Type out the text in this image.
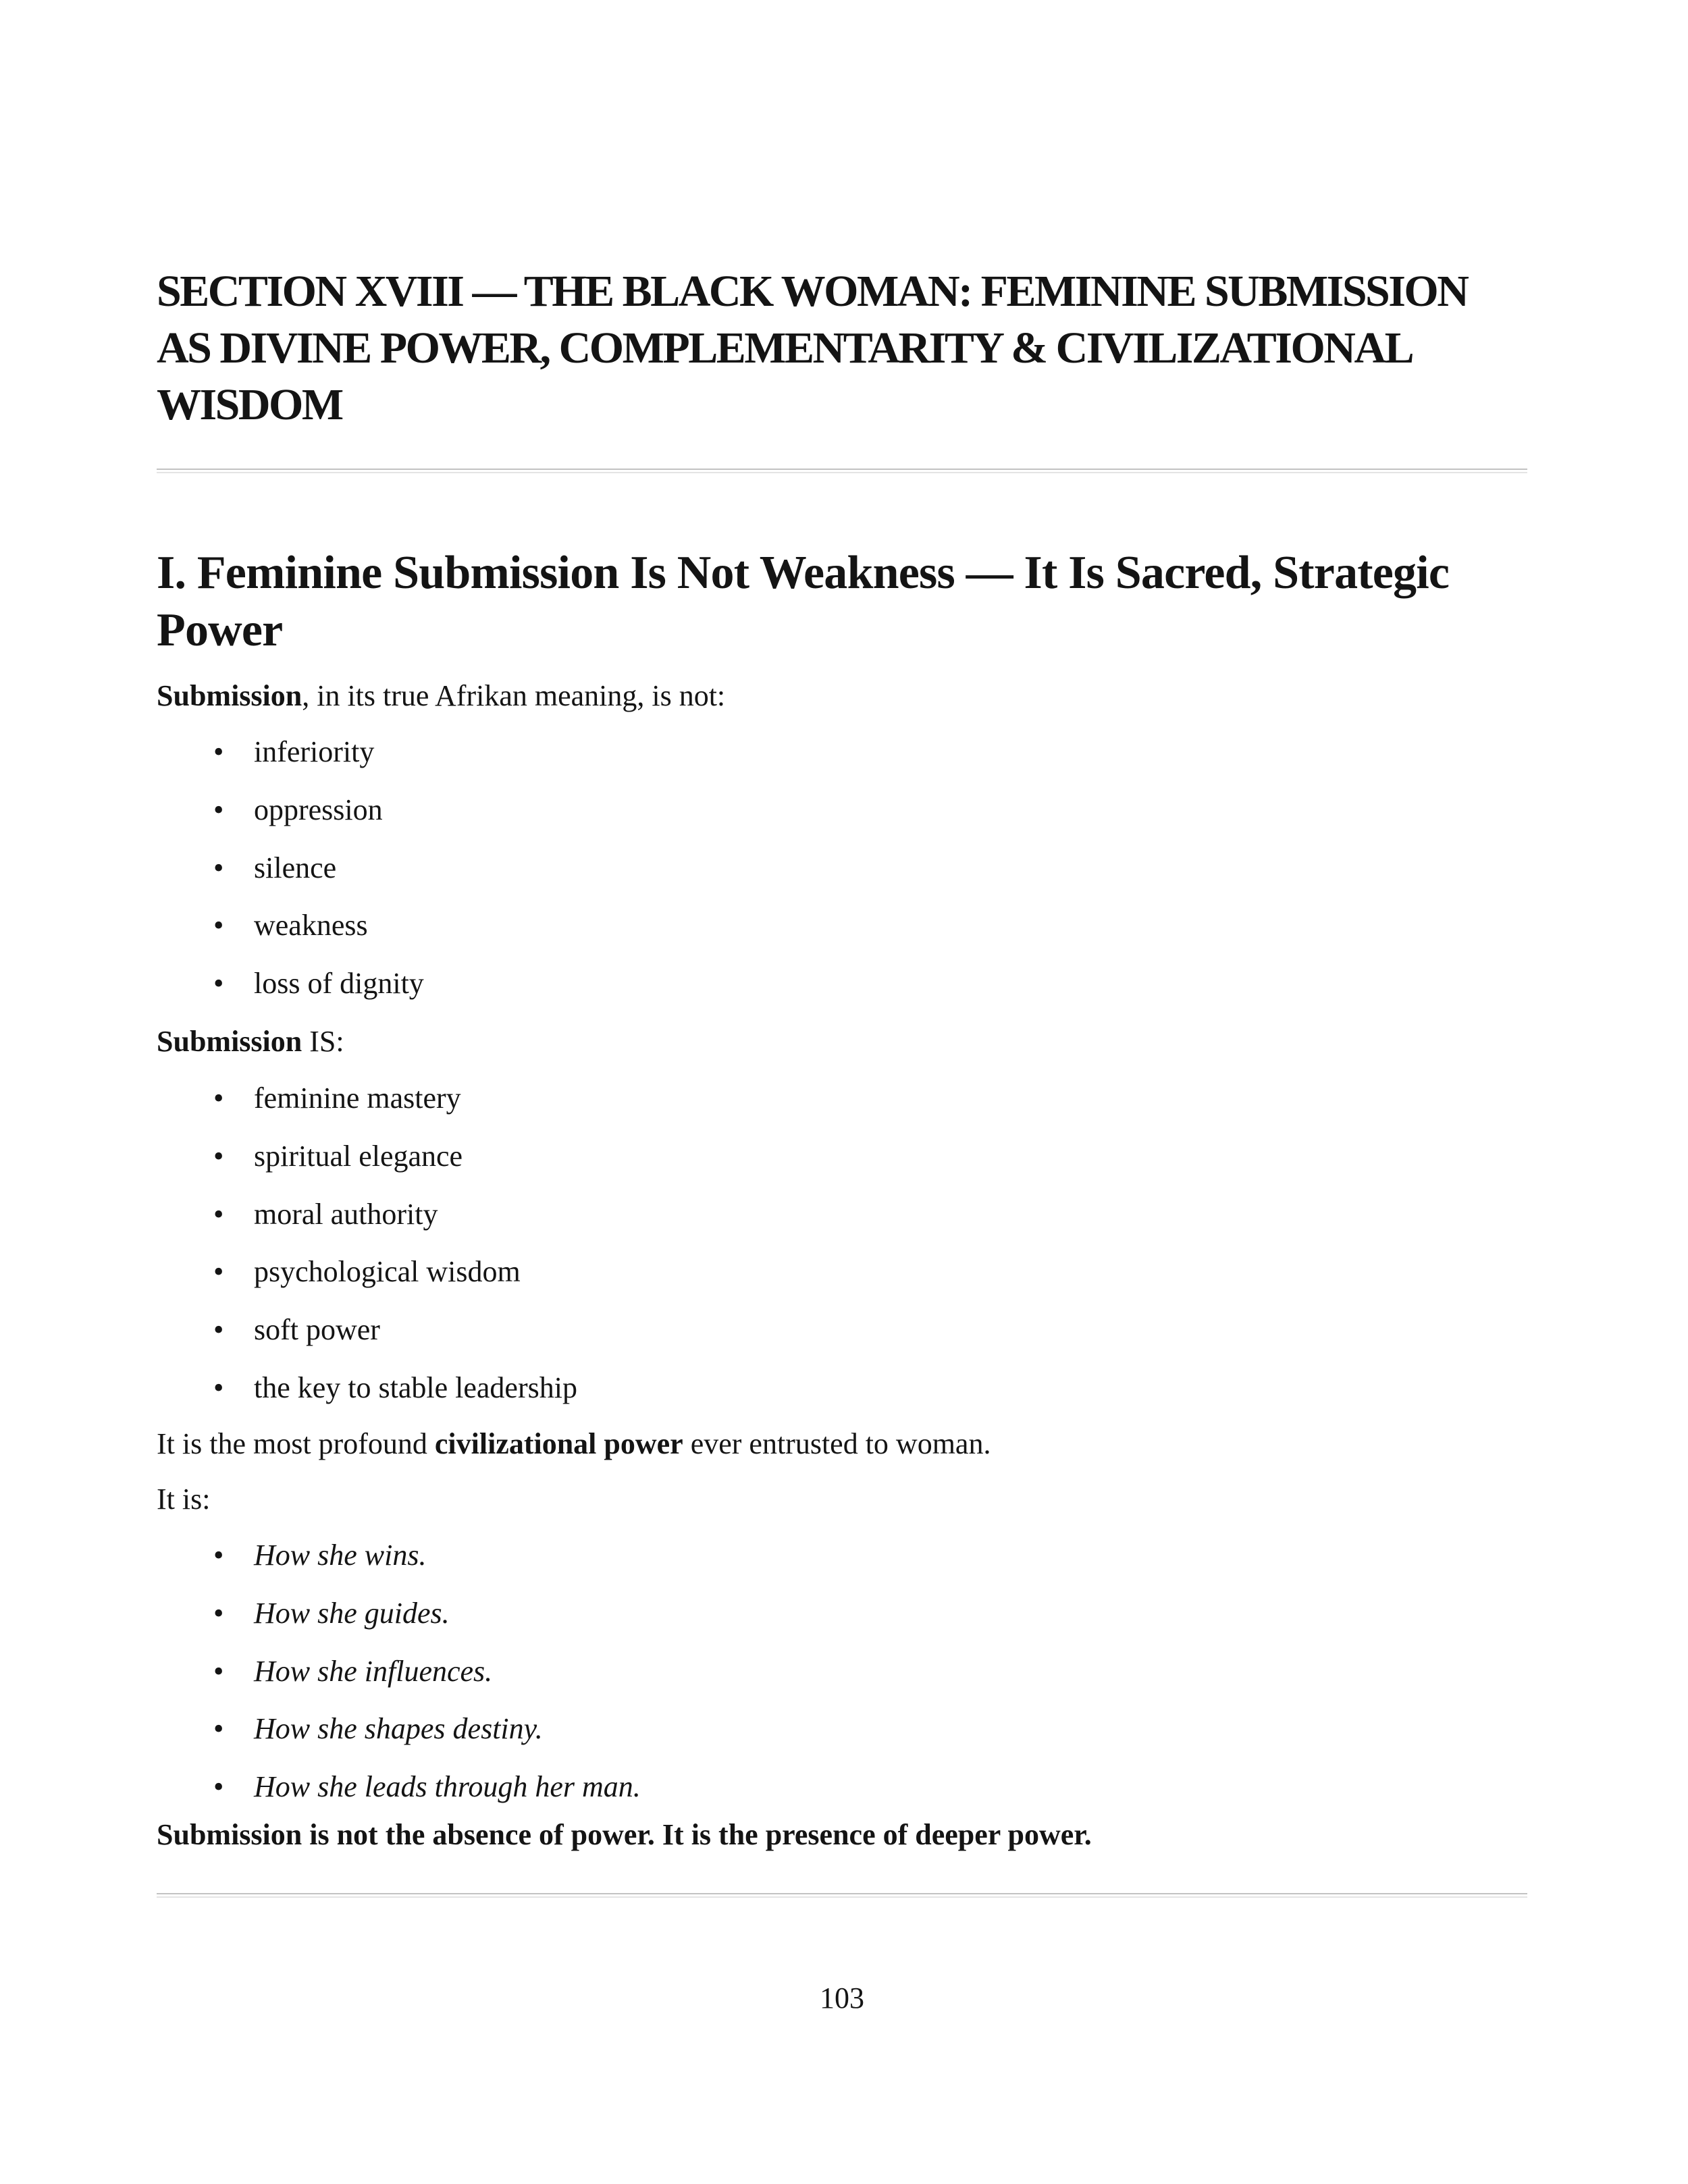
SECTION XVIII — THE BLACK WOMAN: FEMININE SUBMISSION AS DIVINE POWER, COMPLEMENTARITY & CIVILIZATIONAL WISDOM
I. Feminine Submission Is Not Weakness — It Is Sacred, Strategic Power

Submission, in its true Afrikan meaning, is not:

• inferiority
• oppression
• silence
• weakness
• loss of dignity

Submission IS:

• feminine mastery
• spiritual elegance
• moral authority
• psychological wisdom
• soft power
• the key to stable leadership

It is the most profound civilizational power ever entrusted to woman.

It is:

• How she wins.
• How she guides.
• How she influences.
• How she shapes destiny.
• How she leads through her man.

Submission is not the absence of power. It is the presence of deeper power.

103
